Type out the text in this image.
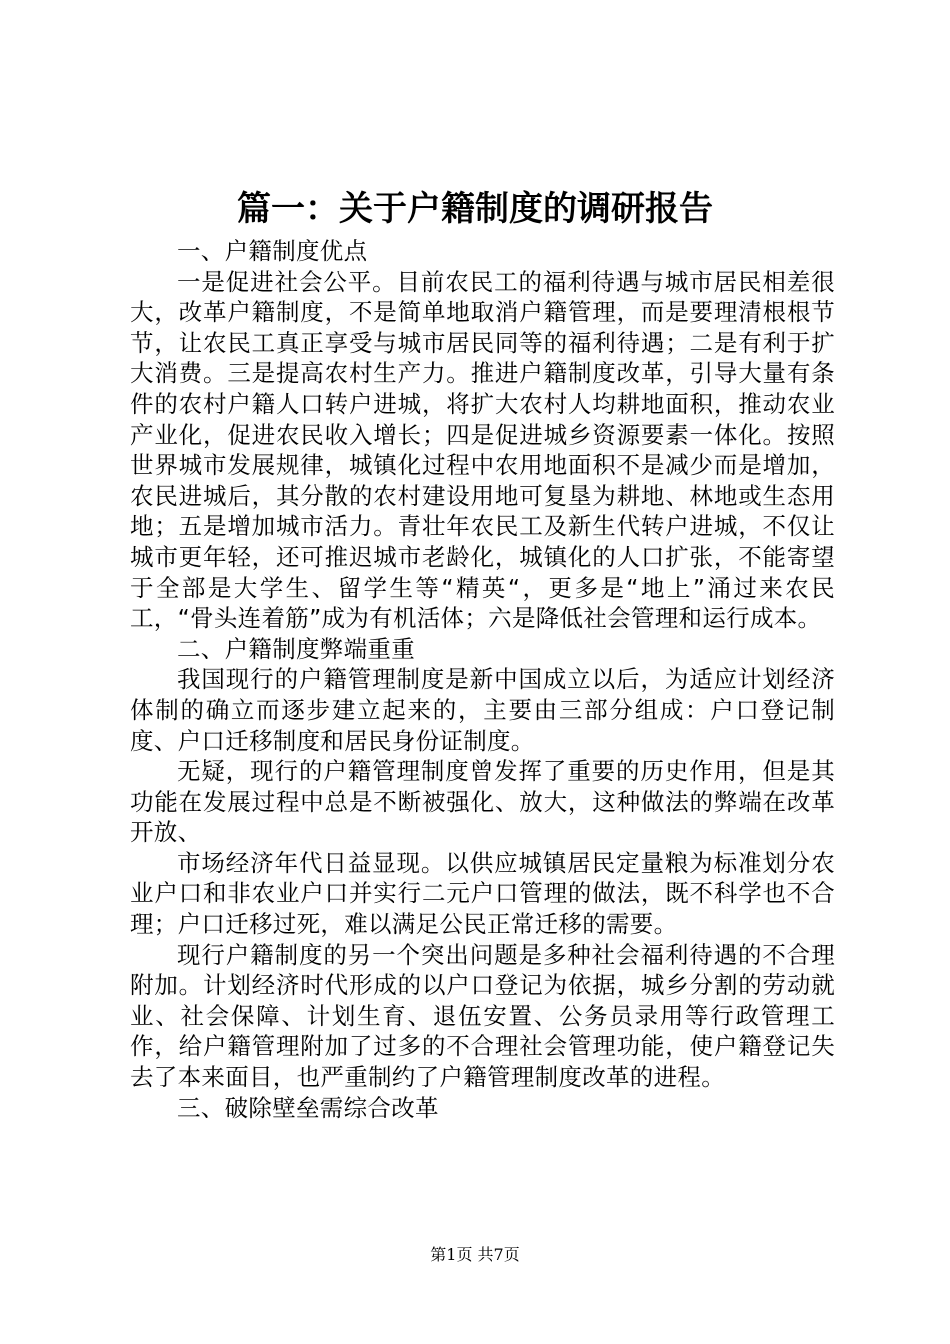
篇一：关于户籍制度的调研报告

一、户籍制度优点

一是促进社会公平。目前农民工的福利待遇与城市居民相差很大，改革户籍制度，不是简单地取消户籍管理，而是要理清根根节节，让农民工真正享受与城市居民同等的福利待遇；二是有利于扩大消费。三是提高农村生产力。推进户籍制度改革，引导大量有条件的农村户籍人口转户进城，将扩大农村人均耕地面积，推动农业产业化，促进农民收入增长；四是促进城乡资源要素一体化。按照世界城市发展规律，城镇化过程中农用地面积不是减少而是增加，农民进城后，其分散的农村建设用地可复垦为耕地、林地或生态用地；五是增加城市活力。青壮年农民工及新生代转户进城，不仅让城市更年轻，还可推迟城市老龄化，城镇化的人口扩张，不能寄望于全部是大学生、留学生等“精英“，更多是“地上”涌过来农民工，“骨头连着筋”成为有机活体；六是降低社会管理和运行成本。

二、户籍制度弊端重重

我国现行的户籍管理制度是新中国成立以后，为适应计划经济体制的确立而逐步建立起来的，主要由三部分组成：户口登记制度、户口迁移制度和居民身份证制度。

无疑，现行的户籍管理制度曾发挥了重要的历史作用，但是其功能在发展过程中总是不断被强化、放大，这种做法的弊端在改革开放、

市场经济年代日益显现。以供应城镇居民定量粮为标准划分农业户口和非农业户口并实行二元户口管理的做法，既不科学也不合理；户口迁移过死，难以满足公民正常迁移的需要。

现行户籍制度的另一个突出问题是多种社会福利待遇的不合理附加。计划经济时代形成的以户口登记为依据，城乡分割的劳动就业、社会保障、计划生育、退伍安置、公务员录用等行政管理工作，给户籍管理附加了过多的不合理社会管理功能，使户籍登记失去了本来面目，也严重制约了户籍管理制度改革的进程。

三、破除壁垒需综合改革

第1页 共7页
